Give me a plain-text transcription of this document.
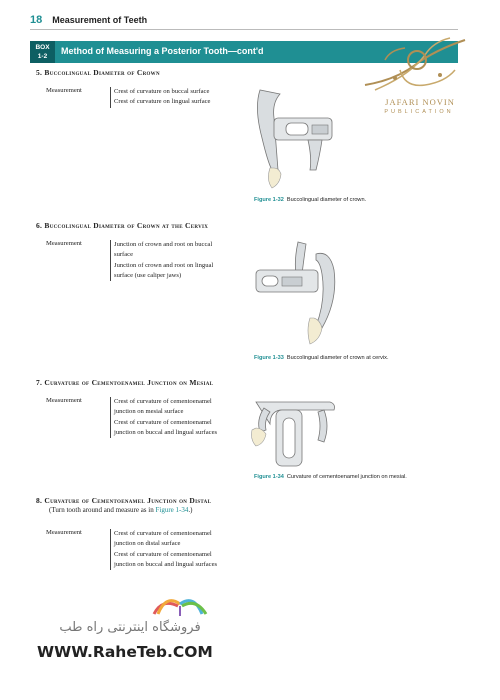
18 Measurement of Teeth
BOX
1-2
Method of Measuring a Posterior Tooth—cont'd
JAFARI NOVIN
PUBLICATION
5. Buccolingual Diameter of Crown
Measurement	Crest of curvature on buccal surface
Crest of curvature on lingual surface
Figure 1-32 Buccolingual diameter of crown.
6. Buccolingual Diameter of Crown at the Cervix
Measurement	Junction of crown and root on buccal
surface
Junction of crown and root on lingual
surface (use caliper jaws)
Figure 1-33 Buccolingual diameter of crown at cervix.
7. Curvature of Cementoenamel Junction on Mesial
Measurement	Crest of curvature of cementoenamel
junction on mesial surface
Crest of curvature of cementoenamel
junction on buccal and lingual surfaces
Figure 1-34 Curvature of cementoenamel junction on mesial.
8. Curvature of Cementoenamel Junction on Distal
(Turn tooth around and measure as in Figure 1-34.)
Measurement	Crest of curvature of cementoenamel
junction on distal surface
Crest of curvature of cementoenamel
junction on buccal and lingual surfaces
فروشگاه اینترنتی راه طب
WWW.RaheTeb.COM
